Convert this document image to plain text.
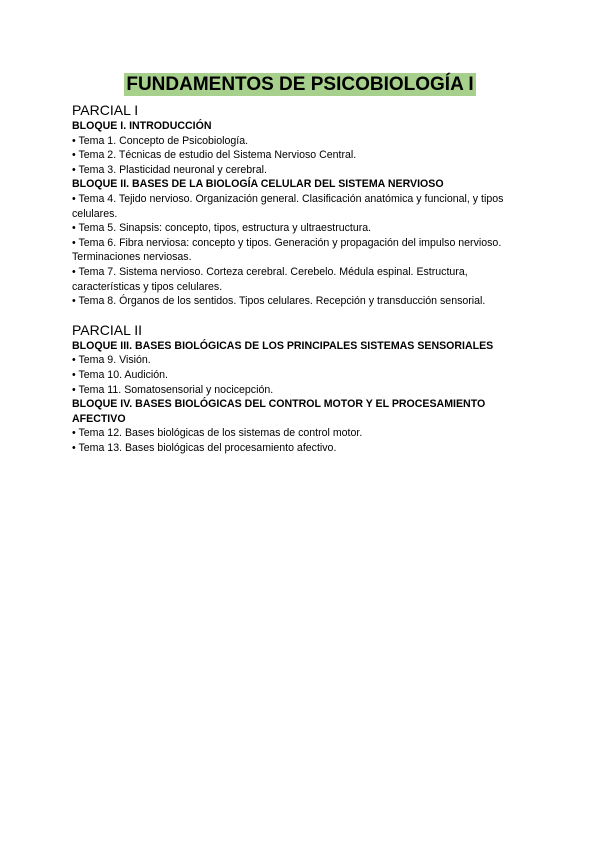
FUNDAMENTOS DE PSICOBIOLOGÍA I

PARCIAL I

BLOQUE I. INTRODUCCIÓN

• Tema 1. Concepto de Psicobiología.

• Tema 2. Técnicas de estudio del Sistema Nervioso Central.

• Tema 3. Plasticidad neuronal y cerebral.

BLOQUE II. BASES DE LA BIOLOGÍA CELULAR DEL SISTEMA NERVIOSO

• Tema 4. Tejido nervioso. Organización general. Clasificación anatómica y funcional, y tipos celulares.

• Tema 5. Sinapsis: concepto, tipos, estructura y ultraestructura.

• Tema 6. Fibra nerviosa: concepto y tipos. Generación y propagación del impulso nervioso. Terminaciones nerviosas.

• Tema 7. Sistema nervioso. Corteza cerebral. Cerebelo. Médula espinal. Estructura, características y tipos celulares.

• Tema 8. Órganos de los sentidos. Tipos celulares. Recepción y transducción sensorial.

PARCIAL II

BLOQUE III. BASES BIOLÓGICAS DE LOS PRINCIPALES SISTEMAS SENSORIALES

• Tema 9. Visión.

• Tema 10. Audición.

• Tema 11. Somatosensorial y nocicepción.

BLOQUE IV. BASES BIOLÓGICAS DEL CONTROL MOTOR Y EL PROCESAMIENTO AFECTIVO

• Tema 12. Bases biológicas de los sistemas de control motor.

• Tema 13. Bases biológicas del procesamiento afectivo.
